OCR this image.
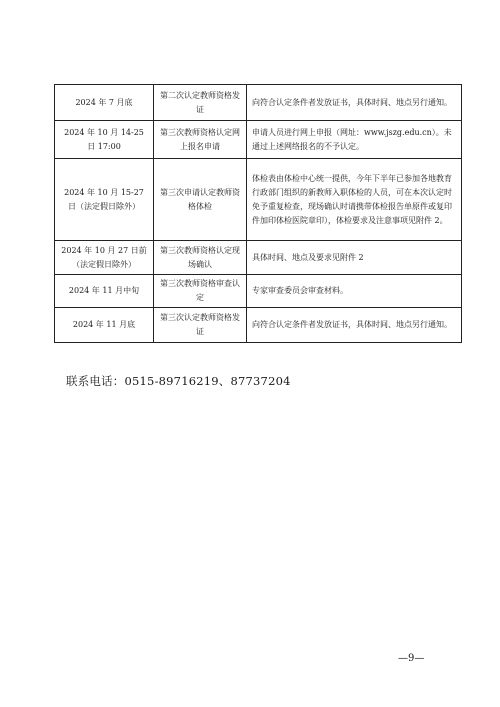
2024 年 7 月底	第二次认定教师资格发证	向符合认定条件者发放证书，具体时间、地点另行通知。
2024 年 10 月 14-25 日 17:00	第三次教师资格认定网上报名申请	申请人员进行网上申报（网址：www.jszg.edu.cn）。未通过上述网络报名的不予认定。
2024 年 10 月 15-27 日（法定假日除外）	第三次申请认定教师资格体检	体检表由体检中心统一提供，今年下半年已参加各地教育行政部门组织的新教师入职体检的人员，可在本次认定时免予重复检查，现场确认时请携带体检报告单原件或复印件加印体检医院章印），体检要求及注意事项见附件 2。
2024 年 10 月 27 日前（法定假日除外）	第三次教师资格认定现场确认	具体时间、地点及要求见附件 2
2024 年 11 月中旬	第三次教师资格审查认定	专家审查委员会审查材料。
2024 年 11 月底	第三次认定教师资格发证	向符合认定条件者发放证书，具体时间、地点另行通知。
联系电话：0515-89716219、87737204
—9—
